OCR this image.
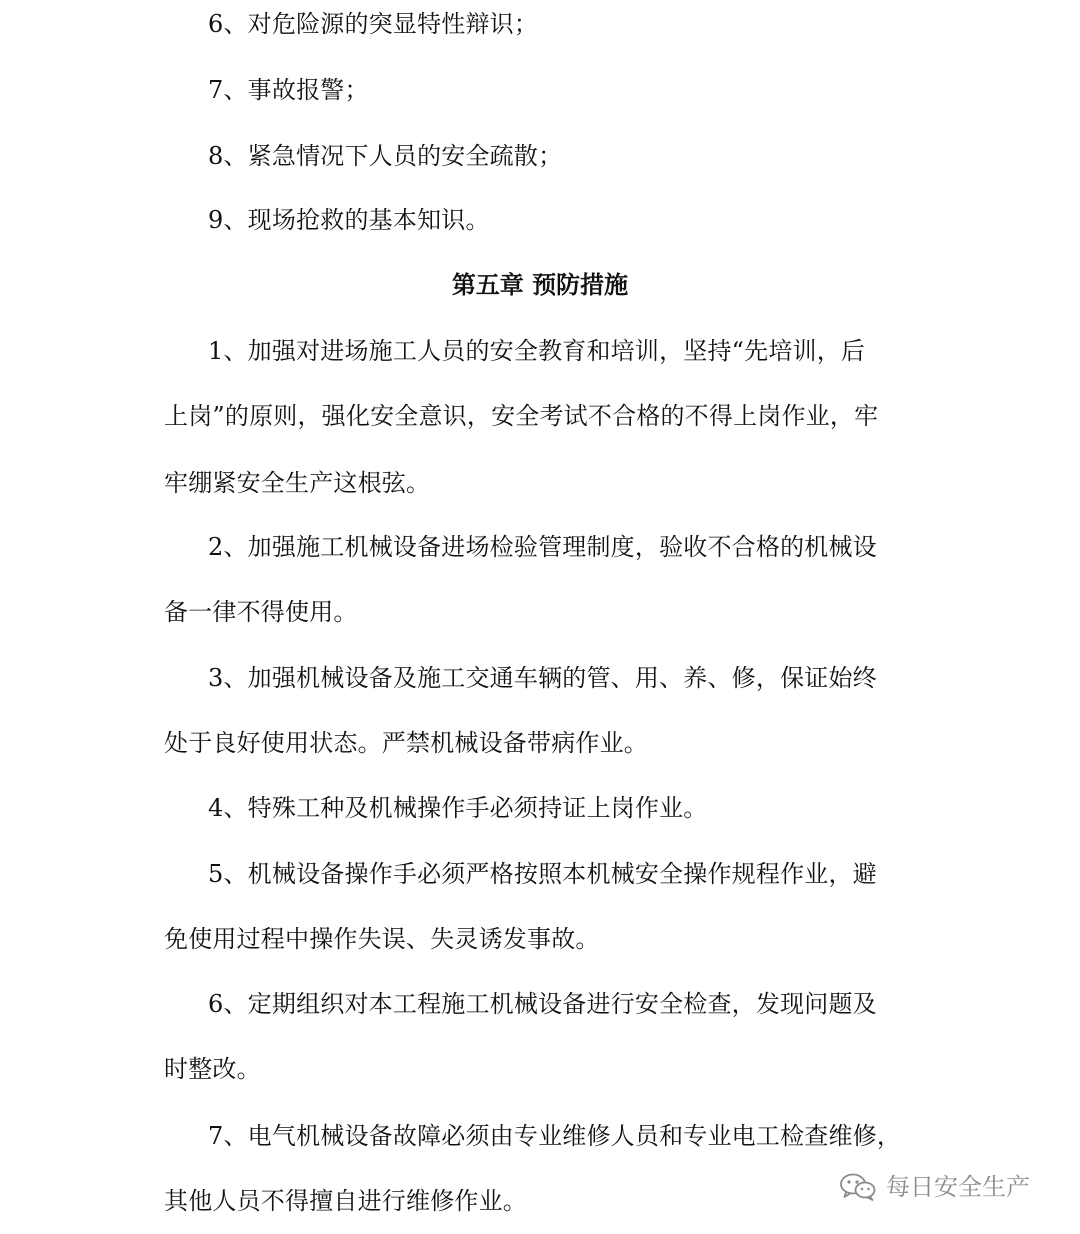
6、对危险源的突显特性辩识；
7、事故报警；
8、紧急情况下人员的安全疏散；
9、现场抢救的基本知识。
第五章 预防措施
1、加强对进场施工人员的安全教育和培训，坚持“先培训，后
上岗”的原则，强化安全意识，安全考试不合格的不得上岗作业，牢
牢绷紧安全生产这根弦。
2、加强施工机械设备进场检验管理制度，验收不合格的机械设
备一律不得使用。
3、加强机械设备及施工交通车辆的管、用、养、修，保证始终
处于良好使用状态。严禁机械设备带病作业。
4、特殊工种及机械操作手必须持证上岗作业。
5、机械设备操作手必须严格按照本机械安全操作规程作业，避
免使用过程中操作失误、失灵诱发事故。
6、定期组织对本工程施工机械设备进行安全检查，发现问题及
时整改。
7、电气机械设备故障必须由专业维修人员和专业电工检查维修，
其他人员不得擅自进行维修作业。	每日安全生产
